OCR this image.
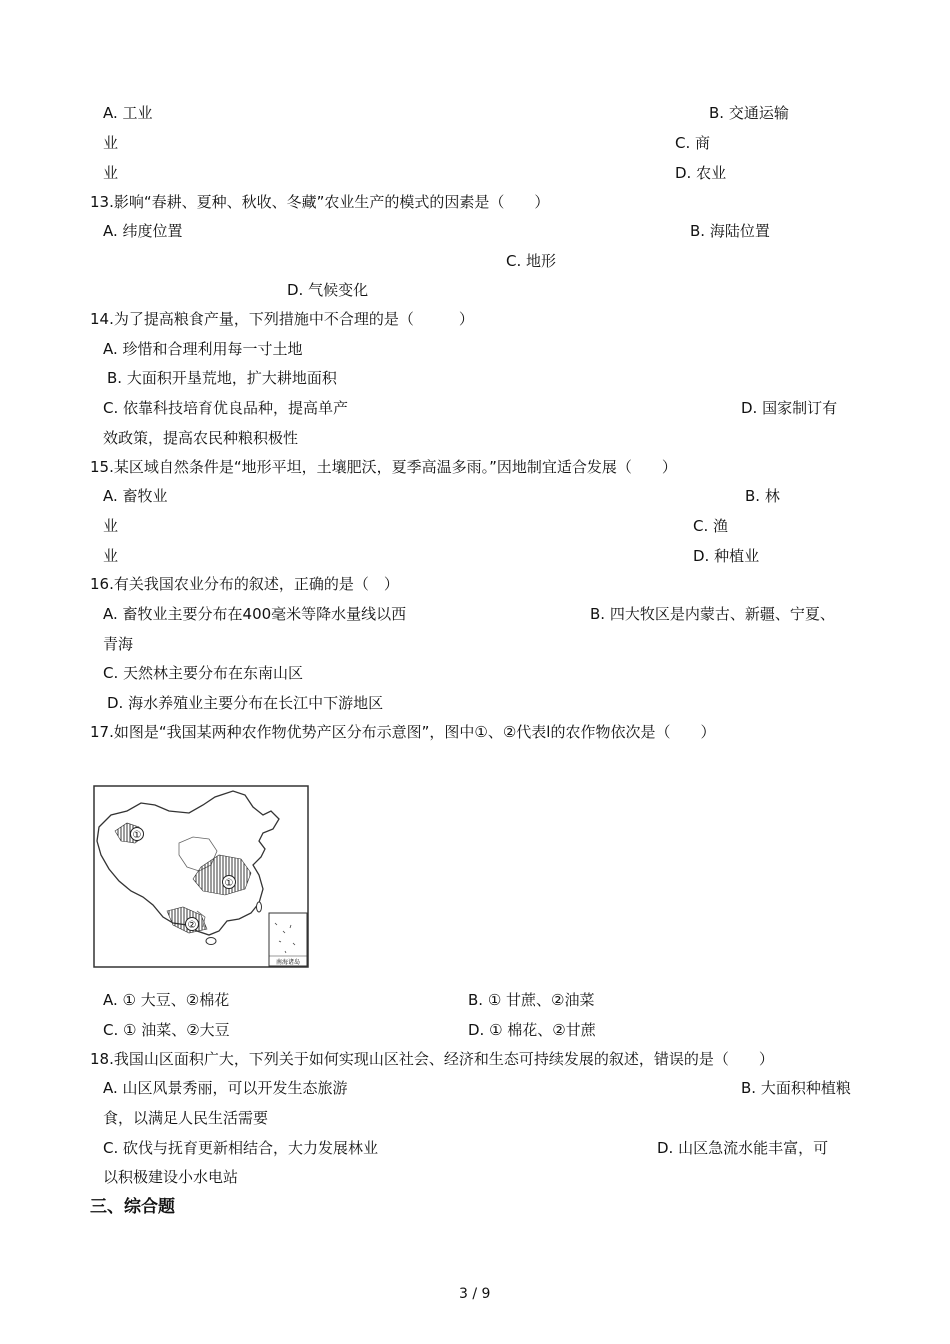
A. 工业	B. 交通运输
业	C. 商
业	D. 农业
13.影响“春耕、夏种、秋收、冬藏”农业生产的模式的因素是（　　）
A. 纬度位置	B. 海陆位置
C. 地形
D. 气候变化
14.为了提高粮食产量，下列措施中不合理的是（　　　）
A. 珍惜和合理利用每一寸土地
B. 大面积开垦荒地，扩大耕地面积
C. 依靠科技培育优良品种，提高单产	D. 国家制订有
效政策，提高农民种粮积极性
15.某区域自然条件是“地形平坦，土壤肥沃，夏季高温多雨。”因地制宜适合发展（　　）
A. 畜牧业	B. 林
业	C. 渔
业	D. 种植业
16.有关我国农业分布的叙述，正确的是（　）
A. 畜牧业主要分布在400毫米等降水量线以西	B. 四大牧区是内蒙古、新疆、宁夏、
青海
C. 天然林主要分布在东南山区
D. 海水养殖业主要分布在长江中下游地区
17.如图是“我国某两种农作物优势产区分布示意图”，图中①、②代表l的农作物依次是（　　）
①
①
②
南海诸岛
A. ① 大豆、②棉花	B. ① 甘蔗、②油菜
C. ① 油菜、②大豆	D. ① 棉花、②甘蔗
18.我国山区面积广大，下列关于如何实现山区社会、经济和生态可持续发展的叙述，错误的是（　　）
A. 山区风景秀丽，可以开发生态旅游	B. 大面积种植粮
食，以满足人民生活需要
C. 砍伐与抚育更新相结合，大力发展林业	D. 山区急流水能丰富，可
以积极建设小水电站
三、综合题
3 / 9
